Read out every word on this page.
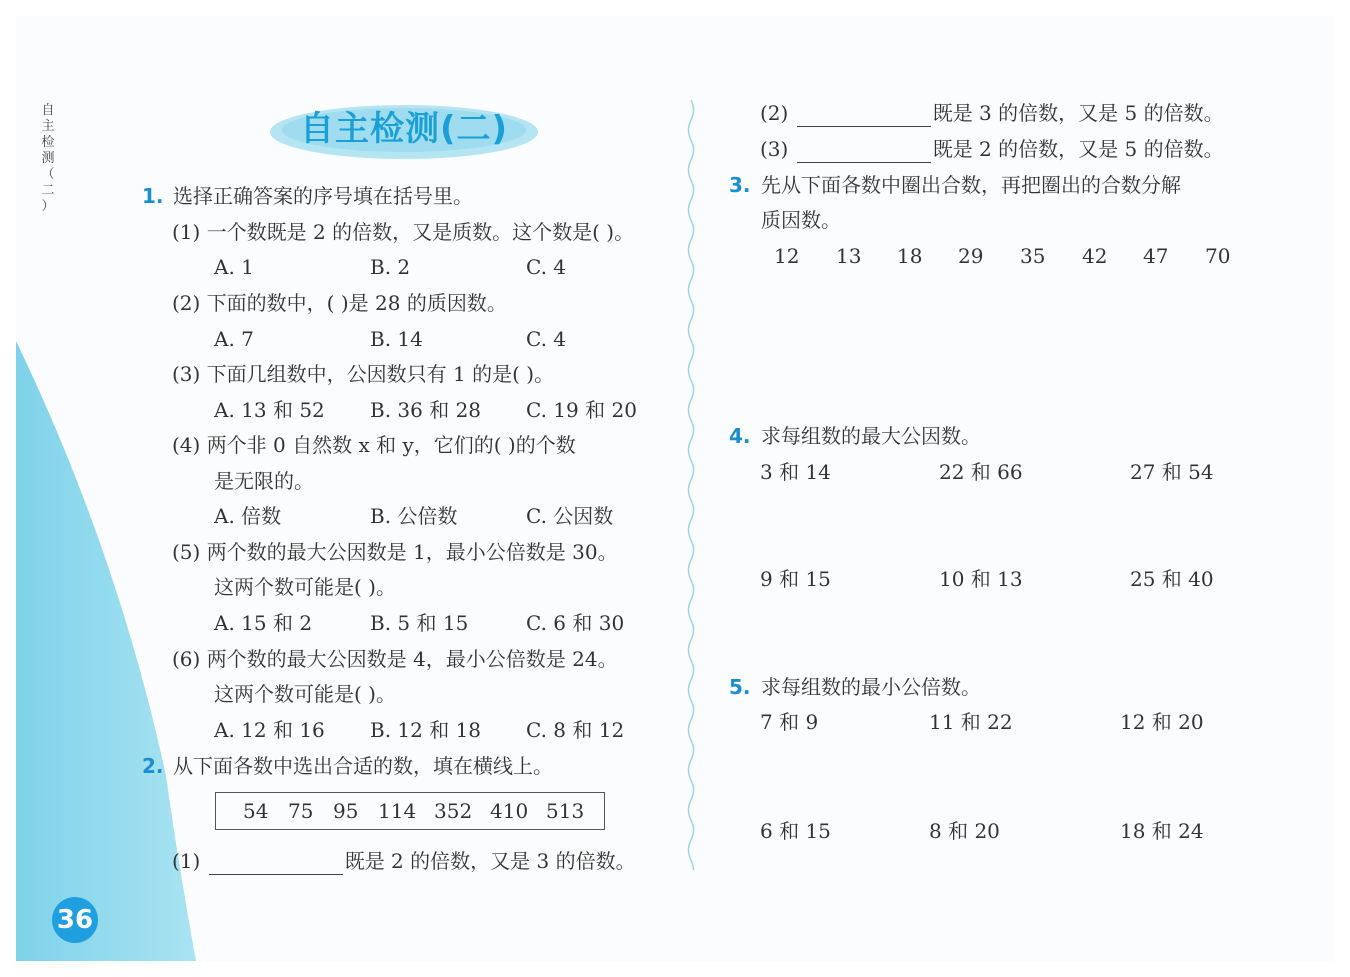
自
主
检
测
（
二
）
自主检测(二)
1. 选择正确答案的序号填在括号里。
(1) 一个数既是 2 的倍数，又是质数。这个数是( )。
A. 1	B. 2	C. 4
(2) 下面的数中，( )是 28 的质因数。
A. 7	B. 14	C. 4
(3) 下面几组数中，公因数只有 1 的是( )。
A. 13 和 52 B. 36 和 28 C. 19 和 20
(4) 两个非 0 自然数 x 和 y，它们的( )的个数
是无限的。
A. 倍数	B. 公倍数	C. 公因数
(5) 两个数的最大公因数是 1，最小公倍数是 30。
这两个数可能是( )。
A. 15 和 2	B. 5 和 15	C. 6 和 30
(6) 两个数的最大公因数是 4，最小公倍数是 24。
这两个数可能是( )。
A. 12 和 16 B. 12 和 18 C. 8 和 12
2. 从下面各数中选出合适的数，填在横线上。
54 75 95 114 352 410 513
(1)	既是 2 的倍数，又是 3 的倍数。
(2)	既是 3 的倍数，又是 5 的倍数。
(3)	既是 2 的倍数，又是 5 的倍数。
3. 先从下面各数中圈出合数，再把圈出的合数分解
质因数。
12 13 18 29 35 42 47 70
4. 求每组数的最大公因数。
3 和 14	22 和 66	27 和 54
9 和 15	10 和 13	25 和 40
5. 求每组数的最小公倍数。
7 和 9	11 和 22	12 和 20
6 和 15	8 和 20	18 和 24
36
